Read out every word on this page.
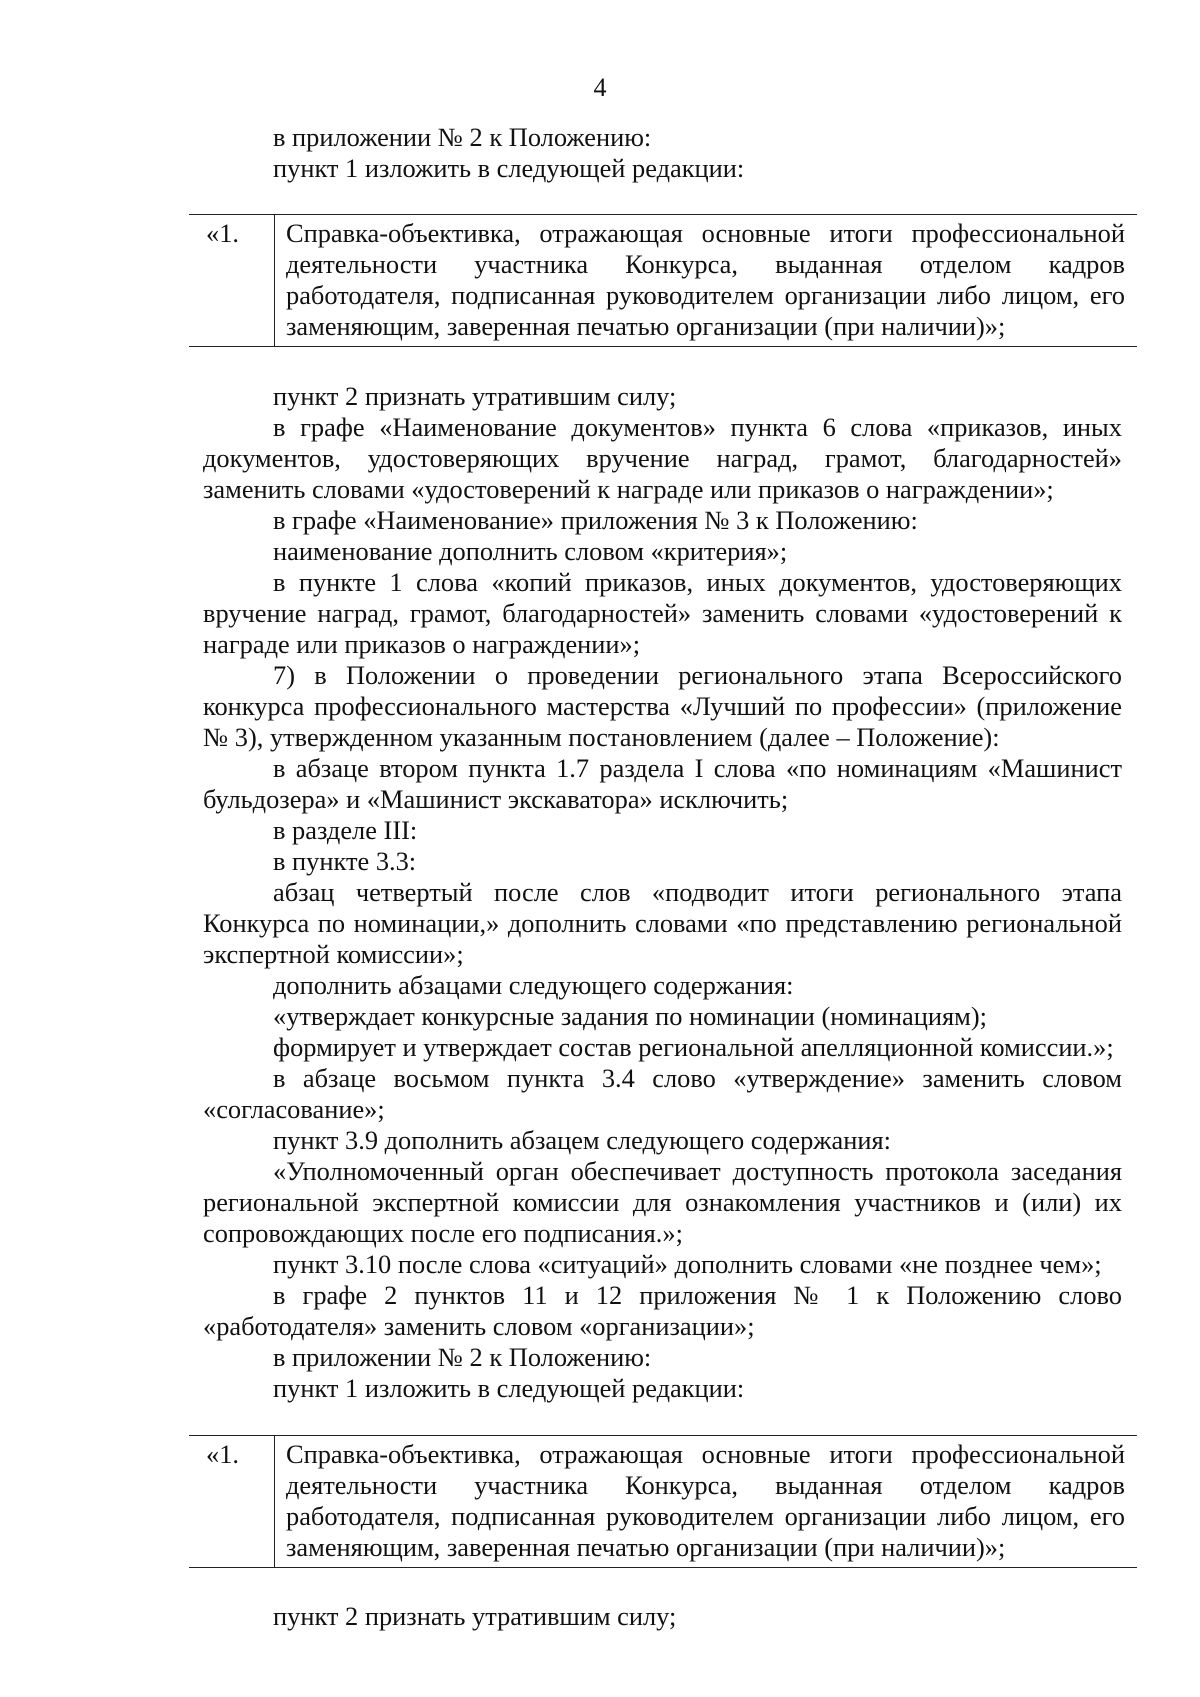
4

в приложении № 2 к Положению:

пункт 1 изложить в следующей редакции:

«1.	Справка-объективка, отражающая основные итоги профессиональной деятельности участника Конкурса, выданная отделом кадров работодателя, подписанная руководителем организации либо лицом, его заменяющим, заверенная печатью организации (при наличии)»;

пункт 2 признать утратившим силу;

в графе «Наименование документов» пункта 6 слова «приказов, иных документов, удостоверяющих вручение наград, грамот, благодарностей» заменить словами «удостоверений к награде или приказов о награждении»;

в графе «Наименование» приложения № 3 к Положению:

наименование дополнить словом «критерия»;

в пункте 1 слова «копий приказов, иных документов, удостоверяющих вручение наград, грамот, благодарностей» заменить словами «удостоверений к награде или приказов о награждении»;

7) в Положении о проведении регионального этапа Всероссийского конкурса профессионального мастерства «Лучший по профессии» (приложение № 3), утвержденном указанным постановлением (далее – Положение):

в абзаце втором пункта 1.7 раздела I слова «по номинациям «Машинист бульдозера» и «Машинист экскаватора» исключить;

в разделе III:

в пункте 3.3:

абзац четвертый после слов «подводит итоги регионального этапа Конкурса по номинации,» дополнить словами «по представлению региональной экспертной комиссии»;

дополнить абзацами следующего содержания:

«утверждает конкурсные задания по номинации (номинациям);

формирует и утверждает состав региональной апелляционной комиссии.»;

в абзаце восьмом пункта 3.4 слово «утверждение» заменить словом «согласование»;

пункт 3.9 дополнить абзацем следующего содержания:

«Уполномоченный орган обеспечивает доступность протокола заседания региональной экспертной комиссии для ознакомления участников и (или) их сопровождающих после его подписания.»;

пункт 3.10 после слова «ситуаций» дополнить словами «не позднее чем»;

в графе 2 пунктов 11 и 12 приложения № 1 к Положению слово «работодателя» заменить словом «организации»;

в приложении № 2 к Положению:

пункт 1 изложить в следующей редакции:

«1.	Справка-объективка, отражающая основные итоги профессиональной деятельности участника Конкурса, выданная отделом кадров работодателя, подписанная руководителем организации либо лицом, его заменяющим, заверенная печатью организации (при наличии)»;

пункт 2 признать утратившим силу;
